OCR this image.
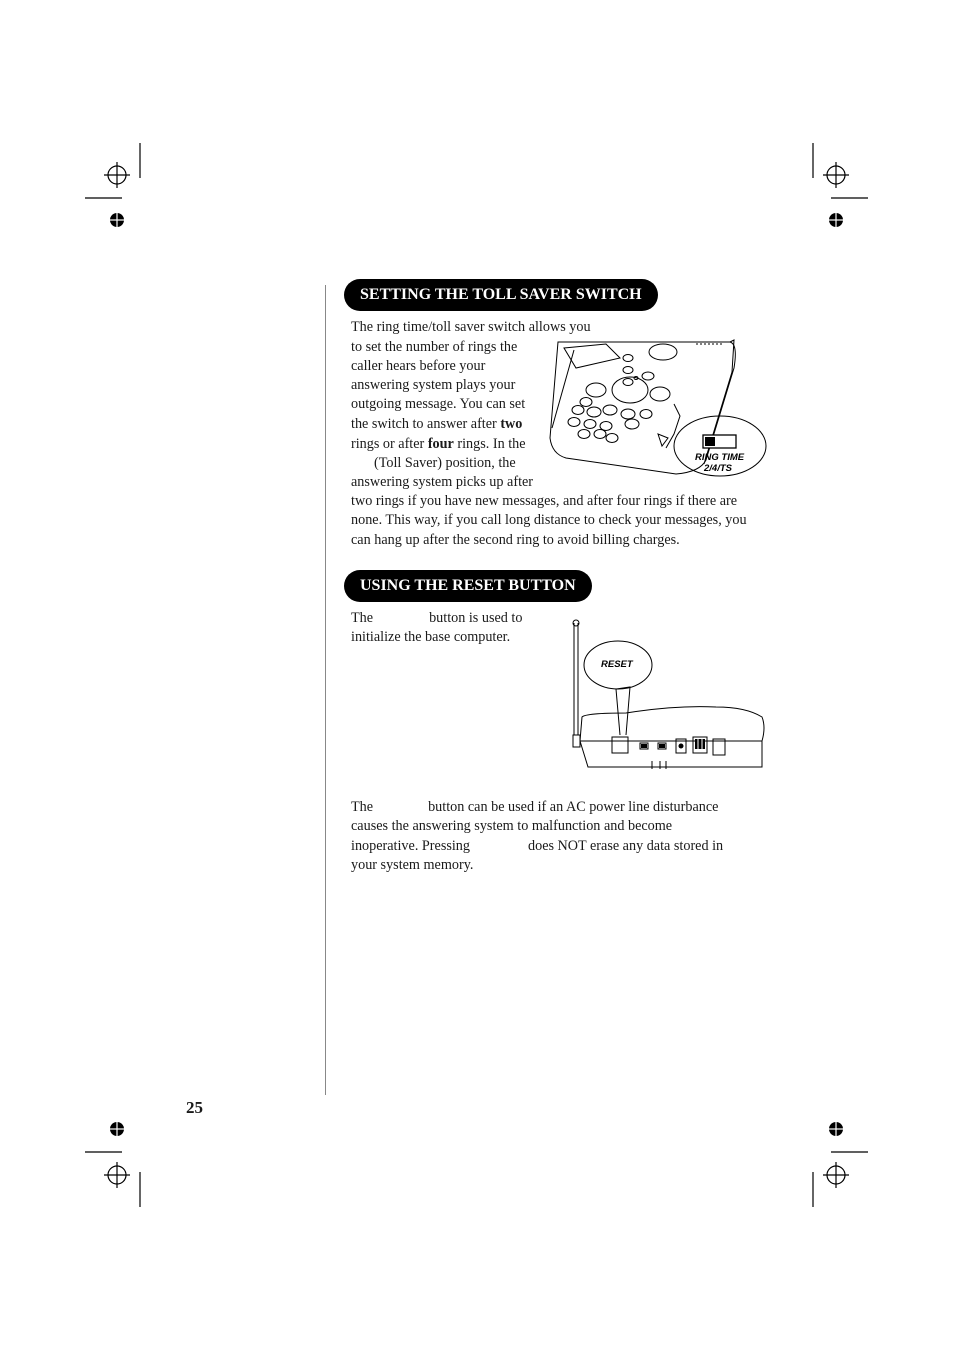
SETTING THE TOLL SAVER SWITCH

The ring time/toll saver switch allows you

to set the number of rings the

caller hears before your

answering system plays your

outgoing message. You can set

the switch to answer after two

rings or after four rings. In the

(Toll Saver) position, the

answering system picks up after

two rings if you have new messages, and after four rings if there are

none. This way, if you call long distance to check your messages, you

can hang up after the second ring to avoid billing charges.

RING TIME
2/4/TS
USING THE RESET BUTTON

The	button is used to

initialize the base computer.

RESET

The	button can be used if an AC power line disturbance

causes the answering system to malfunction and become

inoperative. Pressing	does NOT erase any data stored in

your system memory.

25
